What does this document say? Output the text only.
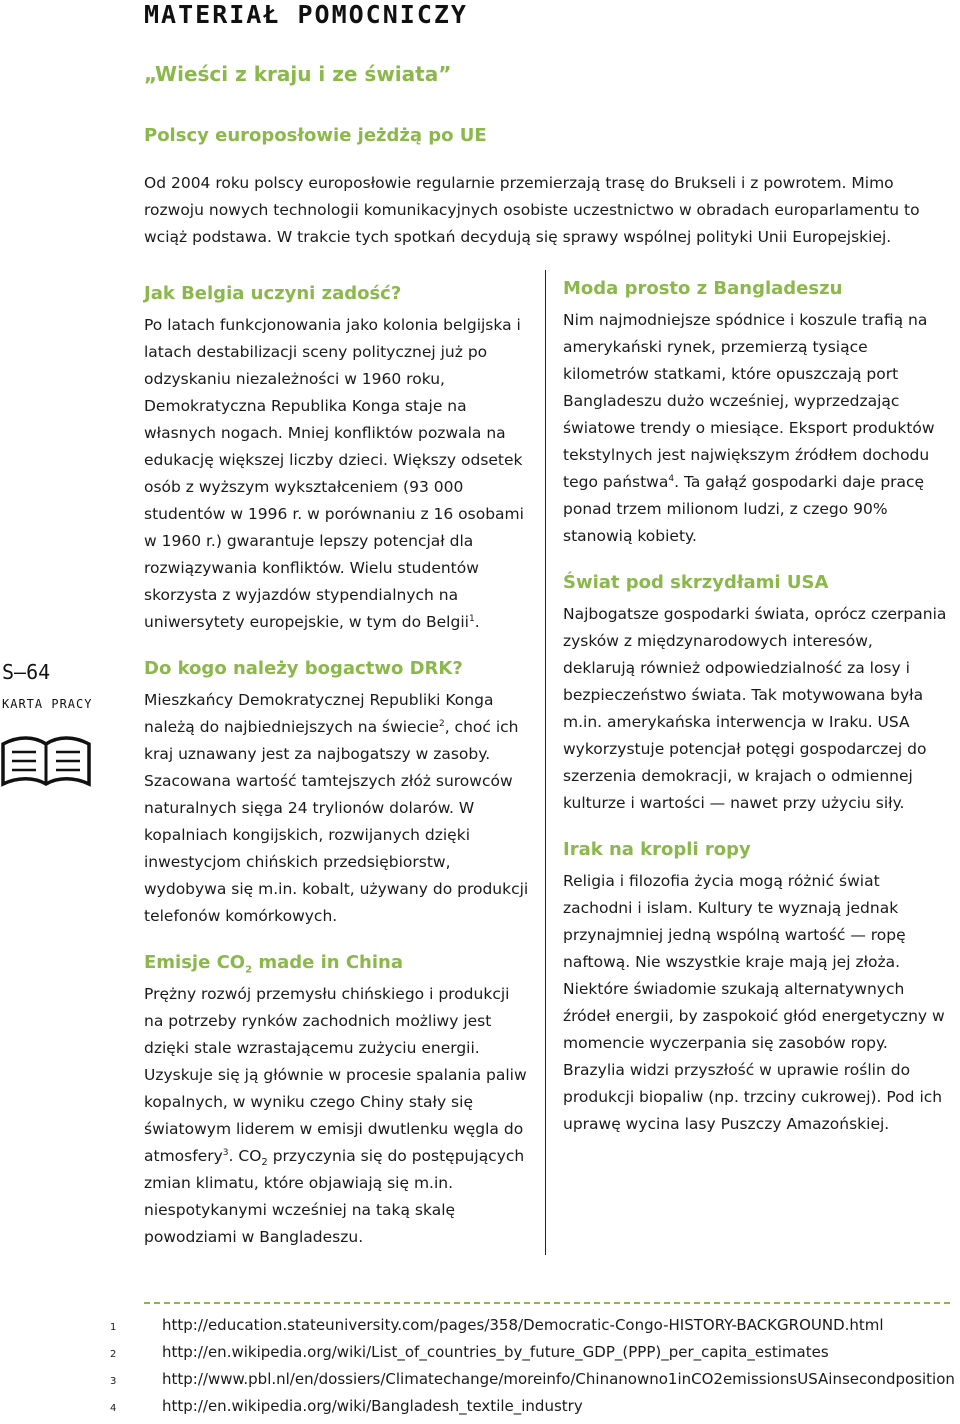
MATERIAŁ POMOCNICZY
„Wieści z kraju i ze świata”
Polscy europosłowie jeżdżą po UE

Od 2004 roku polscy europosłowie regularnie przemierzają trasę do Brukseli i z powrotem. Mimo rozwoju nowych technologii komunikacyjnych osobiste uczestnictwo w obradach europarlamentu to wciąż podstawa. W trakcie tych spotkań decydują się sprawy wspólnej polityki Unii Europejskiej.

Jak Belgia uczyni zadość?

Po latach funkcjonowania jako kolonia belgijska i latach destabilizacji sceny politycznej już po odzyskaniu niezależności w 1960 roku, Demokratyczna Republika Konga staje na własnych nogach. Mniej konfliktów pozwala na edukację większej liczby dzieci. Większy odsetek osób z wyższym wykształceniem (93 000 studentów w 1996 r. w porównaniu z 16 osobami w 1960 r.) gwarantuje lepszy potencjał dla rozwiązywania konfliktów. Wielu studentów skorzysta z wyjazdów stypendialnych na uniwersytety europejskie, w tym do Belgii$^1$.

Do kogo należy bogactwo DRK?

Mieszkańcy Demokratycznej Republiki Konga należą do najbiedniejszych na świecie$^2$, choć ich kraj uznawany jest za najbogatszy w zasoby. Szacowana wartość tamtejszych złóż surowców naturalnych sięga 24 trylionów dolarów. W kopalniach kongijskich, rozwijanych dzięki inwestycjom chińskich przedsiębiorstw, wydobywa się m.in. kobalt, używany do produkcji telefonów komórkowych.

Emisje $CO_2$ made in China

Prężny rozwój przemysłu chińskiego i produkcji na potrzeby rynków zachodnich możliwy jest dzięki stale wzrastającemu zużyciu energii. Uzyskuje się ją głównie w procesie spalania paliw kopalnych, w wyniku czego Chiny stały się światowym liderem w emisji dwutlenku węgla do atmosfery$^3$. $CO_2$ przyczynia się do postępujących zmian klimatu, które objawiają się m.in. niespotykanymi wcześniej na taką skalę powodziami w Bangladeszu.

Moda prosto z Bangladeszu

Nim najmodniejsze spódnice i koszule trafią na amerykański rynek, przemierzą tysiące kilometrów statkami, które opuszczają port Bangladeszu dużo wcześniej, wyprzedzając światowe trendy o miesiące. Eksport produktów tekstylnych jest największym źródłem dochodu tego państwa$^4$. Ta gałąź gospodarki daje pracę ponad trzem milionom ludzi, z czego 90% stanowią kobiety.

Świat pod skrzydłami USA

Najbogatsze gospodarki świata, oprócz czerpania zysków z międzynarodowych interesów, deklarują również odpowiedzialność za losy i bezpieczeństwo świata. Tak motywowana była m.in. amerykańska interwencja w Iraku. USA wykorzystuje potencjał potęgi gospodarczej do szerzenia demokracji, w krajach o odmiennej kulturze i wartości — nawet przy użyciu siły.

Irak na kropli ropy

Religia i filozofia życia mogą różnić świat zachodni i islam. Kultury te wyznają jednak przynajmniej jedną wspólną wartość — ropę naftową. Nie wszystkie kraje mają jej złoża. Niektóre świadomie szukają alternatywnych źródeł energii, by zaspokoić głód energetyczny w momencie wyczerpania się zasobów ropy. Brazylia widzi przyszłość w uprawie roślin do produkcji biopaliw (np. trzciny cukrowej). Pod ich uprawę wycina lasy Puszczy Amazońskiej.

S–64

KARTA PRACY

1	http://education.stateuniversity.com/pages/358/Democratic-Congo-HISTORY-BACKGROUND.html
2	http://en.wikipedia.org/wiki/List_of_countries_by_future_GDP_(PPP)_per_capita_estimates
3	http://www.pbl.nl/en/dossiers/Climatechange/moreinfo/Chinanowno1inCO2emissionsUSAinsecondposition
4	http://en.wikipedia.org/wiki/Bangladesh_textile_industry
